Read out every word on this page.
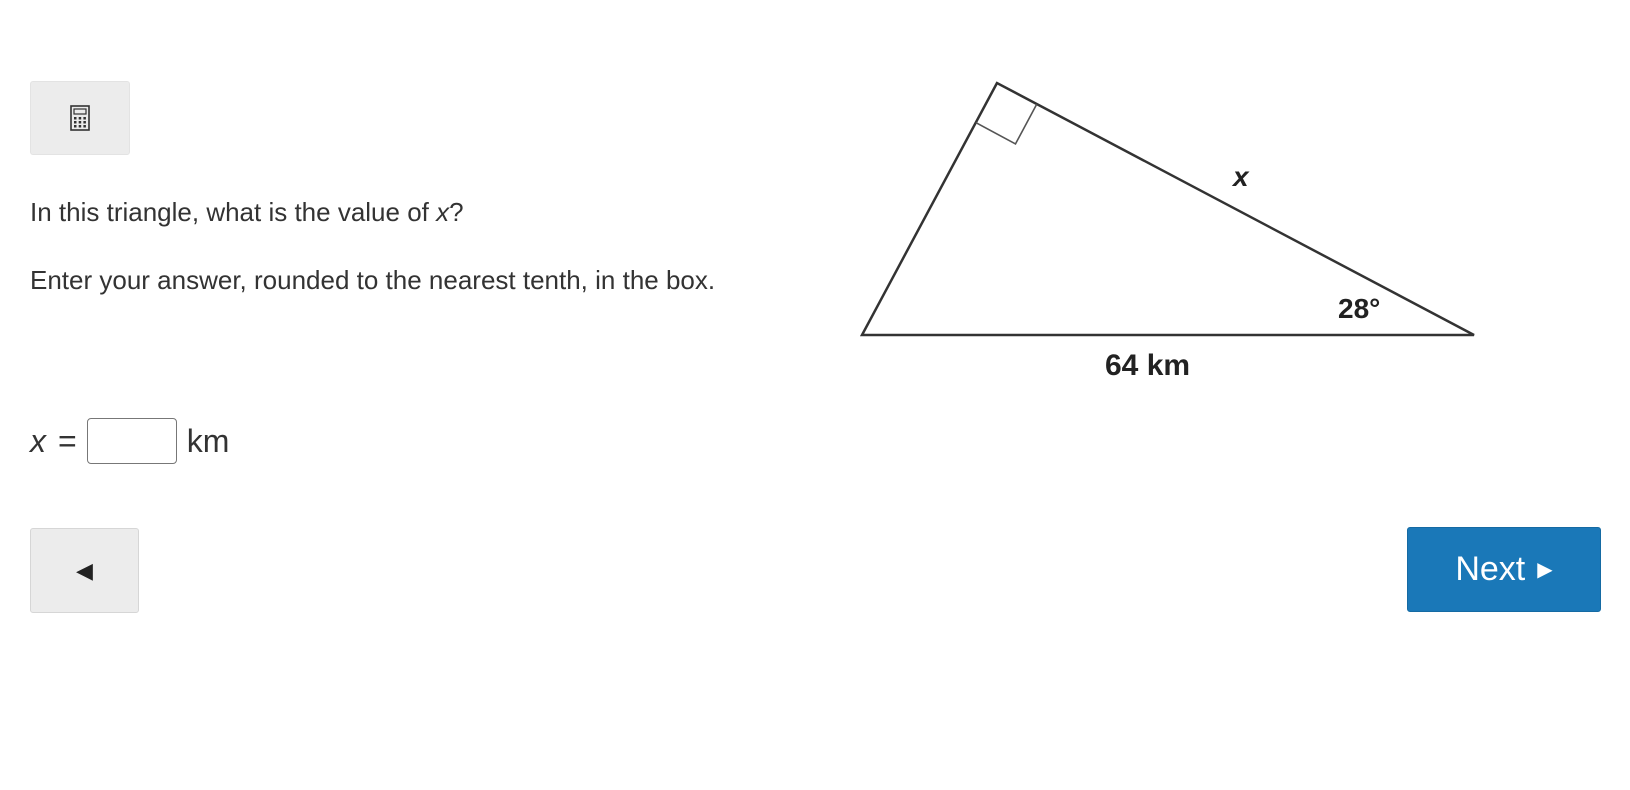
In this triangle, what is the value of x?

Enter your answer, rounded to the nearest tenth, in the box.

x =	km
x
28°
64 km
◀	Next ▶
